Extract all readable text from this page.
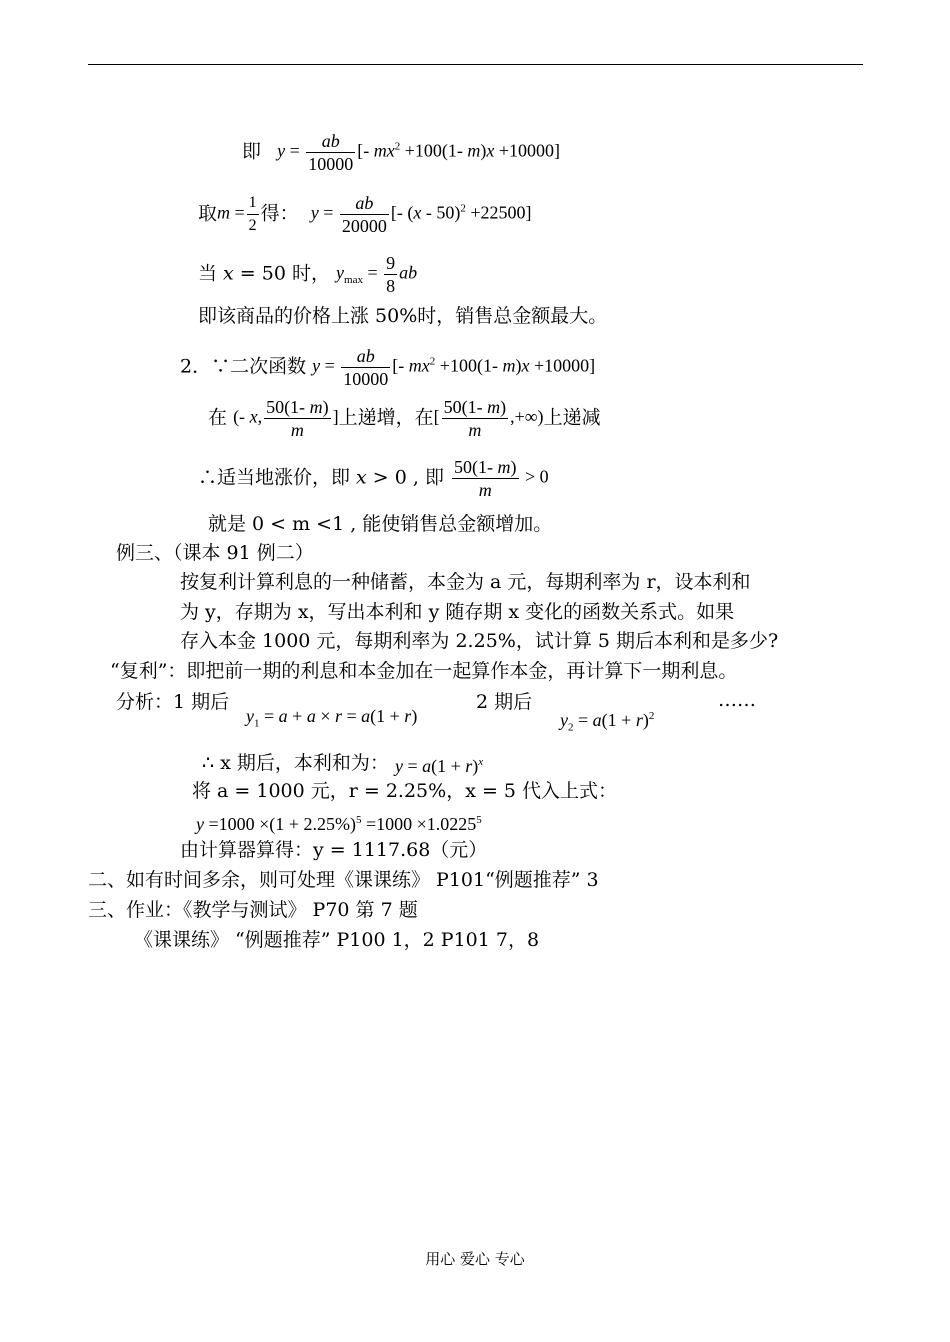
即 $y = \frac{ab}{10000}$ [- $mx^2 +100(1-$ m)x +10000]
取$m = \frac{1}{2}$ 得： $y = \frac{ab}{20000}$ [- (x - 50)$^2$ +22500]
当 x = 50 时， $y_{max} = \frac{9}{8}$ ab
即该商品的价格上涨 50%时，销售总金额最大。
2．∵二次函数 $y = \frac{ab}{10000}$ [- $mx^2 +100(1-$ m)x +10000]
在 (- x, $\frac{50(1- m)}{m}$ ]上递增，在[ $\frac{50(1- m)}{m}$ ,+∞)上递减
∴适当地涨价，即 x > 0 , 即 $\frac{50(1- m)}{m} > 0$
就是 0 < m <1 , 能使销售总金额增加。
例三、（课本 91 例二）
按复利计算利息的一种储蓄，本金为 a 元，每期利率为 r，设本利和
为 y，存期为 x，写出本利和 y 随存期 x 变化的函数关系式。如果
存入本金 1000 元，每期利率为 2.25%，试计算 5 期后本利和是多少?
“复利”：即把前一期的利息和本金加在一起算作本金，再计算下一期利息。
分析：1 期后
$y_1 = a + a \times r = a(1 + r)$
2 期后
$y_2 = a(1 + r)^2$
……
∴ x 期后，本利和为： $y = a(1 + r)^x$
将 a = 1000 元，r = 2.25%，x = 5 代入上式：
$y =1000 \times(1 + 2.25\%)^5 =1000 \times 1.0225^5$
由计算器算得：y = 1117.68（元）
二、如有时间多余，则可处理《课课练》 P101“例题推荐” 3
三、作业：《教学与测试》 P70 第 7 题
《课课练》 “例题推荐” P100 1，2 P101 7，8
用心 爱心 专心
